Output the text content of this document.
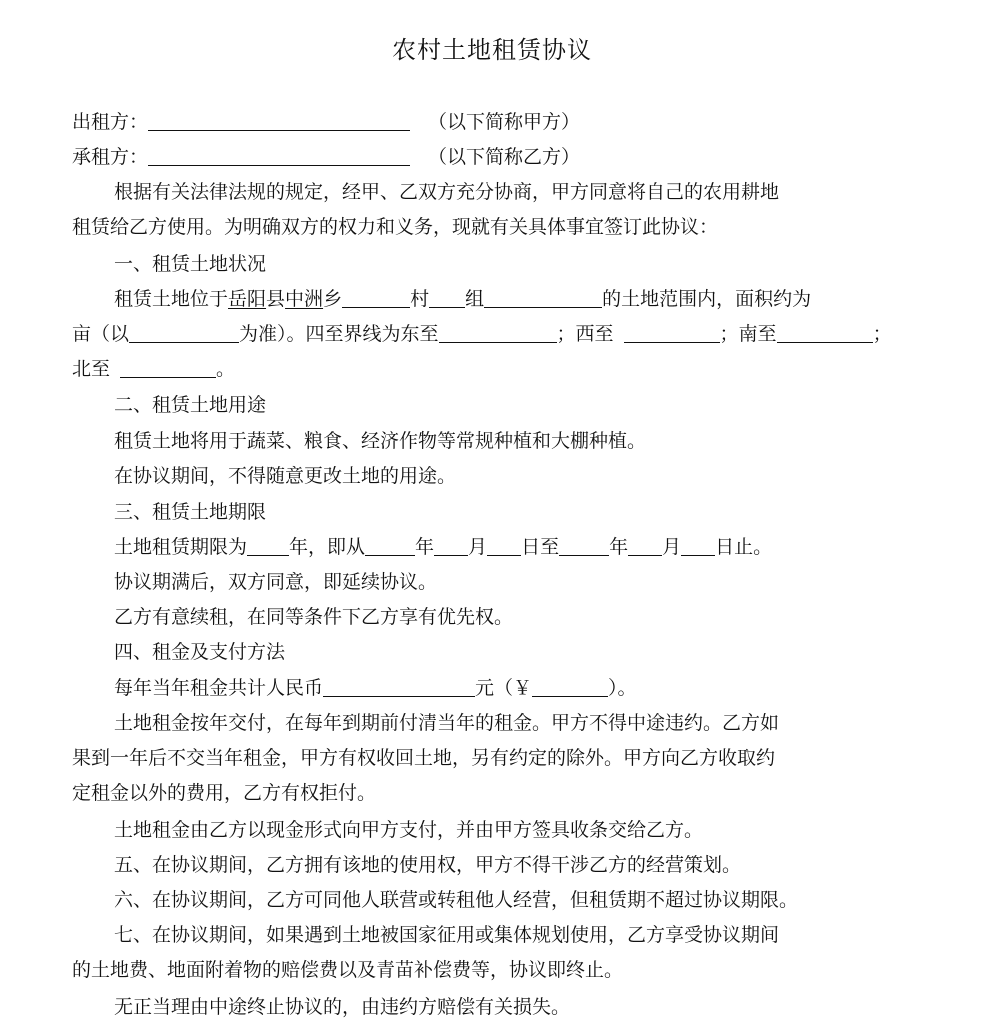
农村土地租赁协议
出租方：	（以下简称甲方）
承租方：	（以下简称乙方）
根据有关法律法规的规定，经甲、乙双方充分协商，甲方同意将自己的农用耕地
租赁给乙方使用。为明确双方的权力和义务，现就有关具体事宜签订此协议：
一、租赁土地状况
租赁土地位于岳阳县中洲乡	村 组	的土地范围内，面积约为
亩（以	为准）。四至界线为东至	；西至	；南至	；
北至	。
二、租赁土地用途
租赁土地将用于蔬菜、粮食、经济作物等常规种植和大棚种植。
在协议期间，不得随意更改土地的用途。
三、租赁土地期限
土地租赁期限为 年，即从	年 月 日至	年 月 日止。
协议期满后，双方同意，即延续协议。
乙方有意续租，在同等条件下乙方享有优先权。
四、租金及支付方法
每年当年租金共计人民币	元（￥	）。
土地租金按年交付，在每年到期前付清当年的租金。甲方不得中途违约。乙方如
果到一年后不交当年租金，甲方有权收回土地，另有约定的除外。甲方向乙方收取约
定租金以外的费用，乙方有权拒付。
土地租金由乙方以现金形式向甲方支付，并由甲方签具收条交给乙方。
五、在协议期间，乙方拥有该地的使用权，甲方不得干涉乙方的经营策划。
六、在协议期间，乙方可同他人联营或转租他人经营，但租赁期不超过协议期限。
七、在协议期间，如果遇到土地被国家征用或集体规划使用，乙方享受协议期间
的土地费、地面附着物的赔偿费以及青苗补偿费等，协议即终止。
无正当理由中途终止协议的，由违约方赔偿有关损失。
